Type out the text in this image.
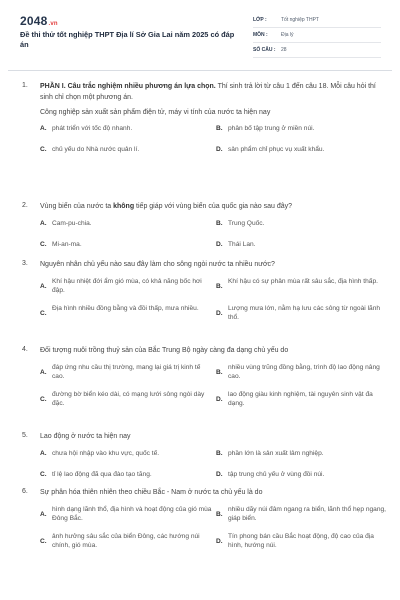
2048.vn
Đề thi thử tốt nghiệp THPT Địa lí Sở Gia Lai năm 2025 có đáp án
LỚP :	Tốt nghiệp THPT
MÔN :	Địa lý
SỐ CÂU :	28
1. PHẦN I. Câu trắc nghiệm nhiều phương án lựa chọn. Thí sinh trả lời từ câu 1 đến câu 18. Mỗi câu hỏi thí sinh chỉ chọn một phương án.
Công nghiệp sản xuất sản phẩm điện tử, máy vi tính của nước ta hiện nay
A. phát triển với tốc độ nhanh.	B. phân bố tập trung ở miền núi.
C. chủ yếu do Nhà nước quản lí.	D. sản phẩm chỉ phục vụ xuất khẩu.
2. Vùng biển của nước ta không tiếp giáp với vùng biển của quốc gia nào sau đây?
A. Cam-pu-chia.	B. Trung Quốc.
C. Mi-an-ma.	D. Thái Lan.
3. Nguyên nhân chủ yếu nào sau đây làm cho sông ngòi nước ta nhiều nước?
A.
Khí hậu nhiệt đới ẩm gió mùa, có khả năng bốc hơi đập.
B.
Khí hậu có sự phân mùa rất sâu sắc, địa hình thấp.
C.
Địa hình nhiều đồng bằng và đồi thấp, mưa nhiều.
D.
Lượng mưa lớn, nằm hạ lưu các sông từ ngoài lãnh thổ.
4. Đối tượng nuôi trồng thuỷ sản của Bắc Trung Bộ ngày càng đa dạng chủ yếu do
A.
đáp ứng nhu cầu thị trường, mang lại giá trị kinh tế cao.
B.
nhiều vùng trũng đồng bằng, trình độ lao động nâng cao.
C.
đường bờ biển kéo dài, có mạng lưới sông ngòi dày đặc.
D.
lao động giàu kinh nghiệm, tài nguyên sinh vật đa dạng.
5. Lao động ở nước ta hiện nay
A. chưa hội nhập vào khu vực, quốc tế.	B. phần lớn là sản xuất lâm nghiệp.
C. tỉ lệ lao động đã qua đào tạo tăng.	D. tập trung chủ yếu ở vùng đồi núi.
6. Sự phân hóa thiên nhiên theo chiều Bắc - Nam ở nước ta chủ yếu là do
A.
hình dạng lãnh thổ, địa hình và hoạt động của gió mùa Đông Bắc.
B.
nhiều dãy núi đâm ngang ra biển, lãnh thổ hẹp ngang, giáp biển.
C.
ảnh hưởng sâu sắc của biển Đông, các hướng núi chính, gió mùa.
D.
Tín phong bán cầu Bắc hoạt động, độ cao của địa hình, hướng núi.
